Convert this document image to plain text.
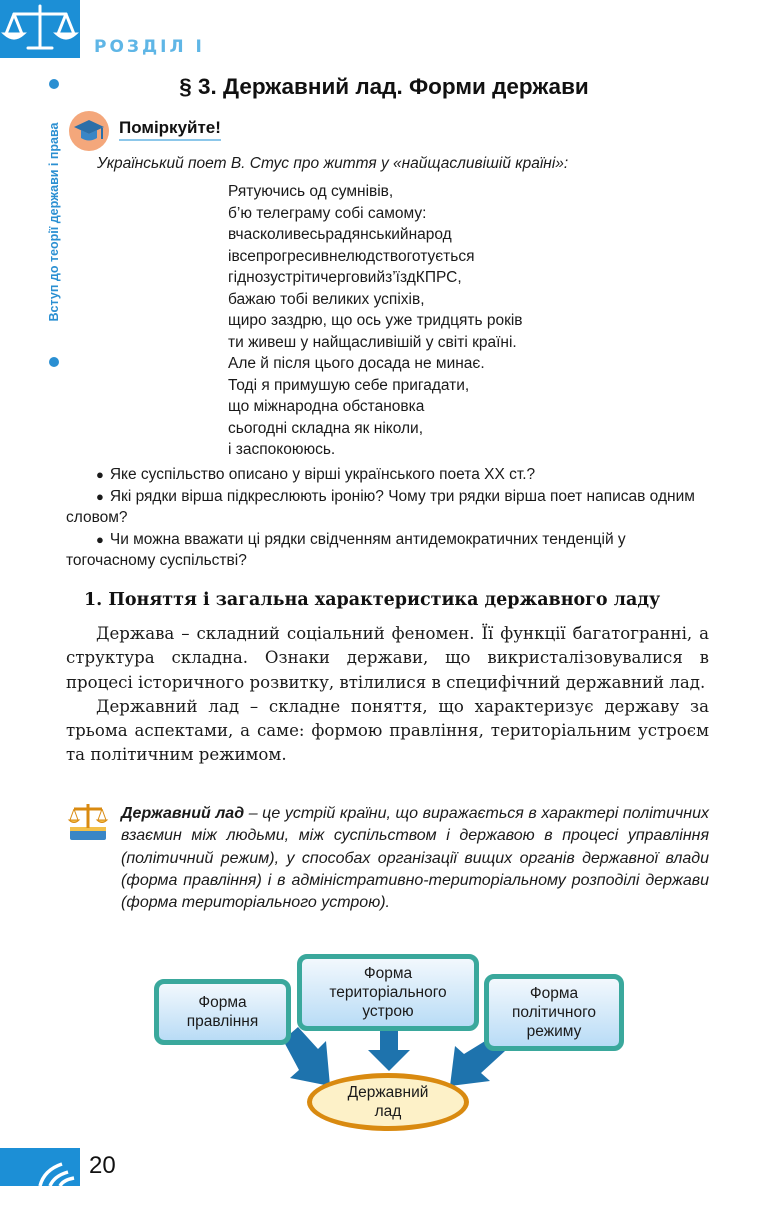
РОЗДІЛ І
Вступ до теорії держави і права
§ 3. Державний лад. Форми держави
Поміркуйте!
Український поет В. Стус про життя у «найщасливішій країні»:
Рятуючись од сумнівів,
б’ю телеграму собі самому:
вчасколивесьрадянськийнарод
івсепрогресивнелюдствоготується
гіднозустрітичерговийз’їздКПРС,
бажаю тобі великих успіхів,
щиро заздрю, що ось уже тридцять років
ти живеш у найщасливішій у світі країні.
Але й після цього досада не минає.
Тоді я примушую себе пригадати,
що міжнародна обстановка
сьогодні складна як ніколи,
і заспокоююсь.
● Яке суспільство описано у вірші українського поета ХХ ст.?
● Які рядки вірша підкреслюють іронію? Чому три рядки вірша поет написав одним словом?
● Чи можна вважати ці рядки свідченням антидемократичних тенденцій у тогочасному суспільстві?
1. Поняття і загальна характеристика державного ладу

Держава – складний соціальний феномен. Її функції багатогранні, а структура складна. Ознаки держави, що викристалізовувалися в процесі історичного розвитку, втілилися в специфічний державний лад.

Державний лад – складне поняття, що характеризує державу за трьома аспектами, а саме: формою правління, територіальним устроєм та політичним режимом.

Державний лад – це устрій країни, що виражається в характері політичних взаємин між людьми, між суспільством і державою в процесі управління (політичний режим), у способах організації вищих органів державної влади (форма правління) і в адміністративно-територіальному розподілі держави (форма територіального устрою).
Форма правління
Форма територіального устрою
Форма політичного режиму
Державний лад
20
